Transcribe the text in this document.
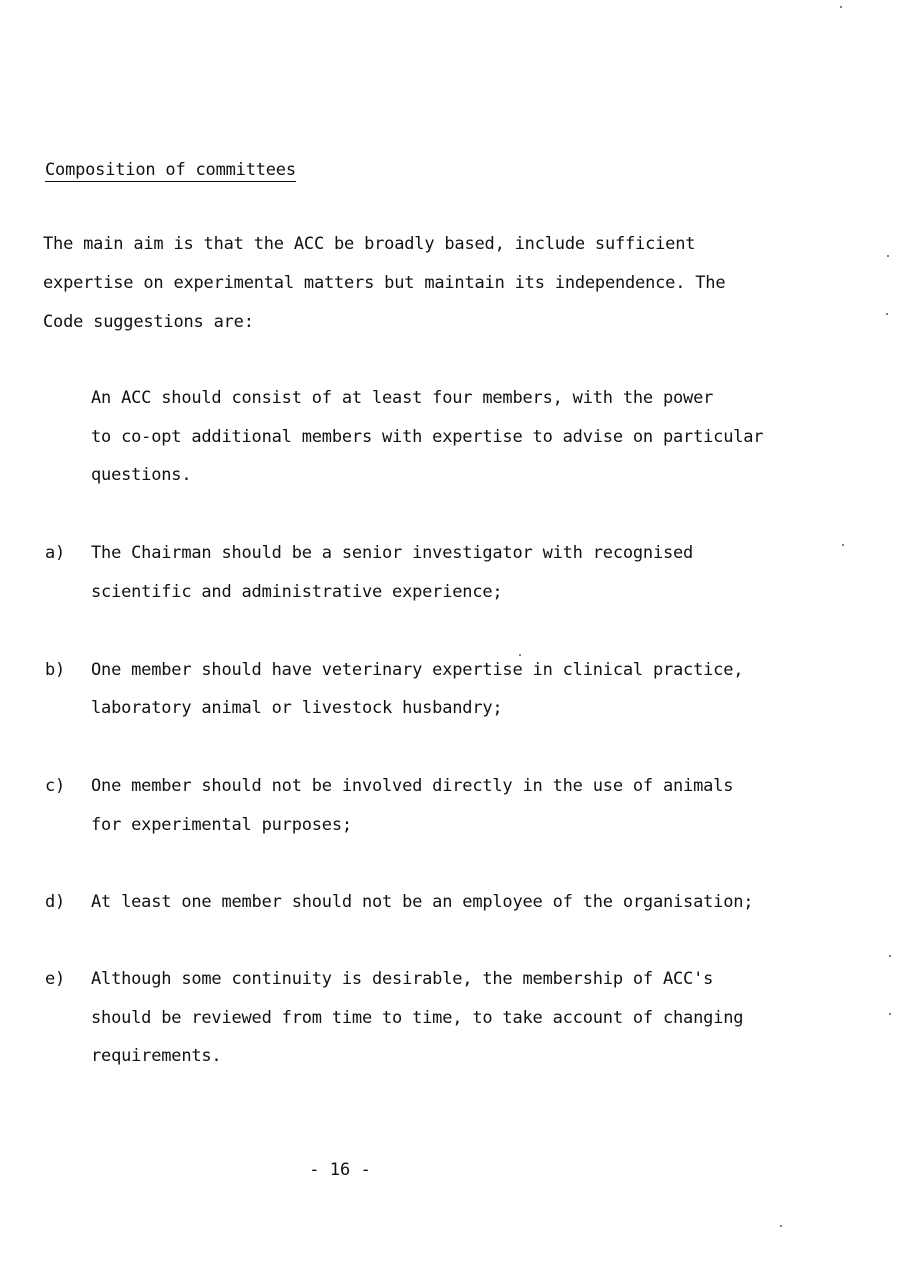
Composition of committees
The main aim is that the ACC be broadly based, include sufficient
expertise on experimental matters but maintain its independence. The
Code suggestions are:
An ACC should consist of at least four members, with the power
to co-opt additional members with expertise to advise on particular
questions.
a) The Chairman should be a senior investigator with recognised
scientific and administrative experience;
b) One member should have veterinary expertise in clinical practice,
laboratory animal or livestock husbandry;
c) One member should not be involved directly in the use of animals
for experimental purposes;
d) At least one member should not be an employee of the organisation;
e) Although some continuity is desirable, the membership of ACC's
should be reviewed from time to time, to take account of changing
requirements.
- 16 -
